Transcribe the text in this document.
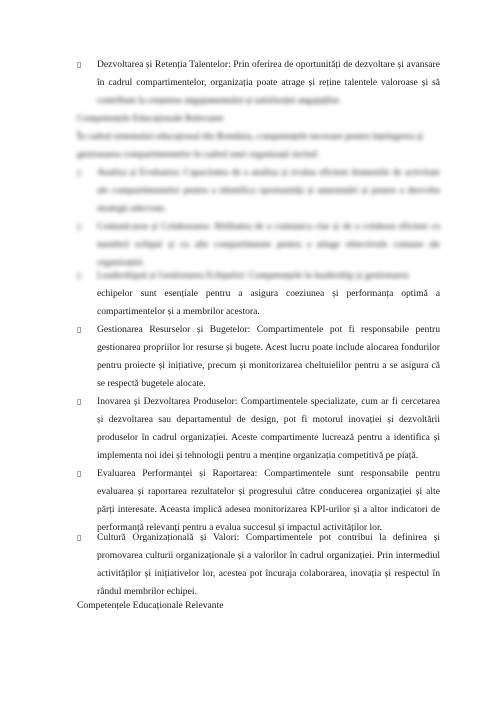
▯ Dezvoltarea și Retenția Talentelor: Prin oferirea de oportunități de dezvoltare și avansare în cadrul compartimentelor, organizația poate atrage și reține talentele valoroase și să contribuie la creșterea angajamentului și satisfacției angajaților.
Competențele Educaționale Relevante
În cadrul sistemului educațional din România, competențele necesare pentru înțelegerea și gestionarea compartimentelor în cadrul unei organizații includ:
▯ Analiza și Evaluarea: Capacitatea de a analiza și evalua eficient domeniile de activitate ale compartimentelor pentru a identifica oportunități și amenințări și pentru a dezvolta strategii adecvate.
▯ Comunicarea și Colaborarea: Abilitatea de a comunica clar și de a colabora eficient cu membrii echipei și cu alte compartimente pentru a atinge obiectivele comune ale organizației.
▯ Leadershipul și Gestionarea Echipelor: Competențele în leadership și gestionarea
echipelor sunt esențiale pentru a asigura coeziunea și performanța optimă a compartimentelor și a membrilor acestora.
▯ Gestionarea Resurselor și Bugetelor: Compartimentele pot fi responsabile pentru gestionarea propriilor lor resurse și bugete. Acest lucru poate include alocarea fondurilor pentru proiecte și inițiative, precum și monitorizarea cheltuielilor pentru a se asigura că se respectă bugetele alocate.
▯ Inovarea și Dezvoltarea Produselor: Compartimentele specializate, cum ar fi cercetarea și dezvoltarea sau departamentul de design, pot fi motorul inovației și dezvoltării produselor în cadrul organizației. Aceste compartimente lucrează pentru a identifica și implementa noi idei și tehnologii pentru a menține organizația competitivă pe piață.
▯ Evaluarea Performanței și Raportarea: Compartimentele sunt responsabile pentru evaluarea și raportarea rezultatelor și progresului către conducerea organizației și alte părți interesate. Aceasta implică adesea monitorizarea KPI-urilor și a altor indicatori de performanță relevanți pentru a evalua succesul și impactul activităților lor.
▯ Cultură Organizațională și Valori: Compartimentele pot contribui la definirea și promovarea culturii organizaționale și a valorilor în cadrul organizației. Prin intermediul activităților și inițiativelor lor, acestea pot încuraja colaborarea, inovația și respectul în rândul membrilor echipei.
Competențele Educaționale Relevante
